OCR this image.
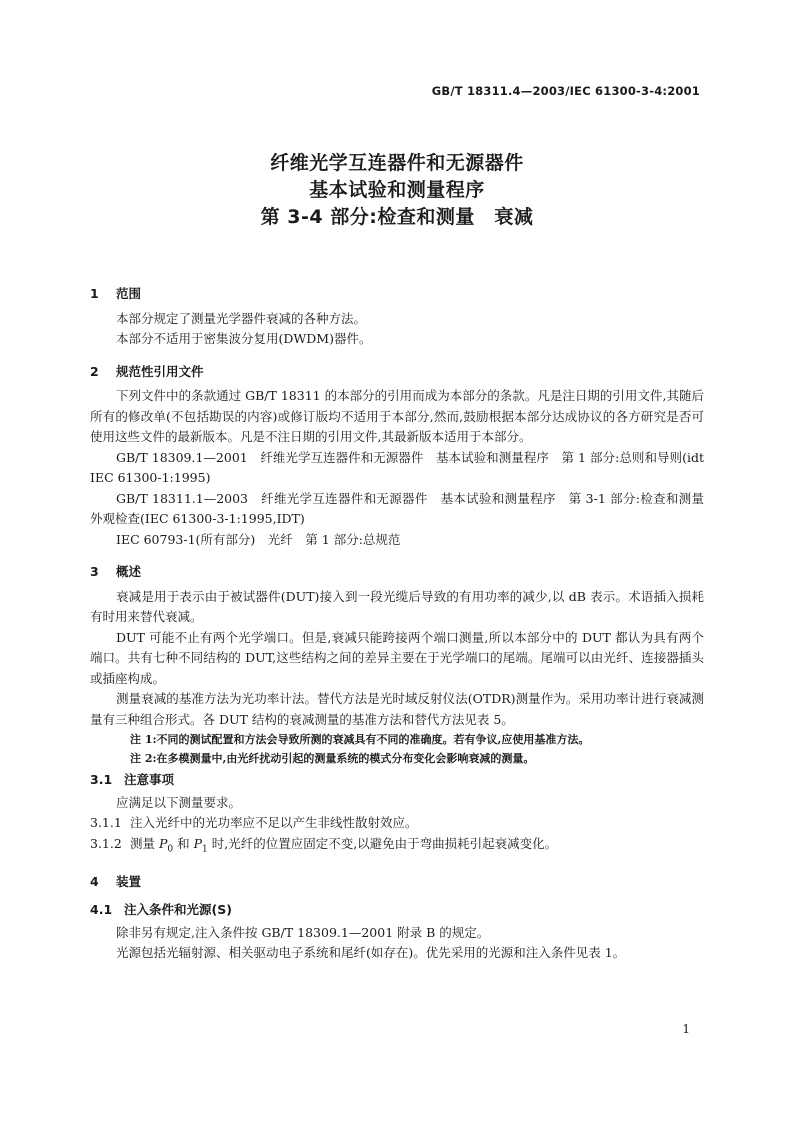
GB/T 18311.4—2003/IEC 61300-3-4:2001
纤维光学互连器件和无源器件
基本试验和测量程序
第 3-4 部分:检查和测量　衰减
1 范围

本部分规定了测量光学器件衰减的各种方法。

本部分不适用于密集波分复用(DWDM)器件。

2 规范性引用文件

下列文件中的条款通过 GB/T 18311 的本部分的引用而成为本部分的条款。凡是注日期的引用文件,其随后所有的修改单(不包括勘误的内容)或修订版均不适用于本部分,然而,鼓励根据本部分达成协议的各方研究是否可使用这些文件的最新版本。凡是不注日期的引用文件,其最新版本适用于本部分。

GB/T 18309.1—2001　纤维光学互连器件和无源器件　基本试验和测量程序　第 1 部分:总则和导则(idt IEC 61300-1:1995)

GB/T 18311.1—2003　纤维光学互连器件和无源器件　基本试验和测量程序　第 3-1 部分:检查和测量　外观检查(IEC 61300-3-1:1995,IDT)

IEC 60793-1(所有部分)　光纤　第 1 部分:总规范

3 概述

衰减是用于表示由于被试器件(DUT)接入到一段光缆后导致的有用功率的减少,以 dB 表示。术语插入损耗有时用来替代衰减。

DUT 可能不止有两个光学端口。但是,衰减只能跨接两个端口测量,所以本部分中的 DUT 都认为具有两个端口。共有七种不同结构的 DUT,这些结构之间的差异主要在于光学端口的尾端。尾端可以由光纤、连接器插头或插座构成。

测量衰减的基准方法为光功率计法。替代方法是光时域反射仪法(OTDR)测量作为。采用功率计进行衰减测量有三种组合形式。各 DUT 结构的衰减测量的基准方法和替代方法见表 5。

注 1:不同的测试配置和方法会导致所测的衰减具有不同的准确度。若有争议,应使用基准方法。

注 2:在多模测量中,由光纤扰动引起的测量系统的模式分布变化会影响衰减的测量。

3.1 注意事项

应满足以下测量要求。

3.1.1 注入光纤中的光功率应不足以产生非线性散射效应。

3.1.2 测量 $P_0$ 和 $P_1$ 时,光纤的位置应固定不变,以避免由于弯曲损耗引起衰减变化。

4 装置
4.1 注入条件和光源(S)

除非另有规定,注入条件按 GB/T 18309.1—2001 附录 B 的规定。

光源包括光辐射源、相关驱动电子系统和尾纤(如存在)。优先采用的光源和注入条件见表 1。

1
